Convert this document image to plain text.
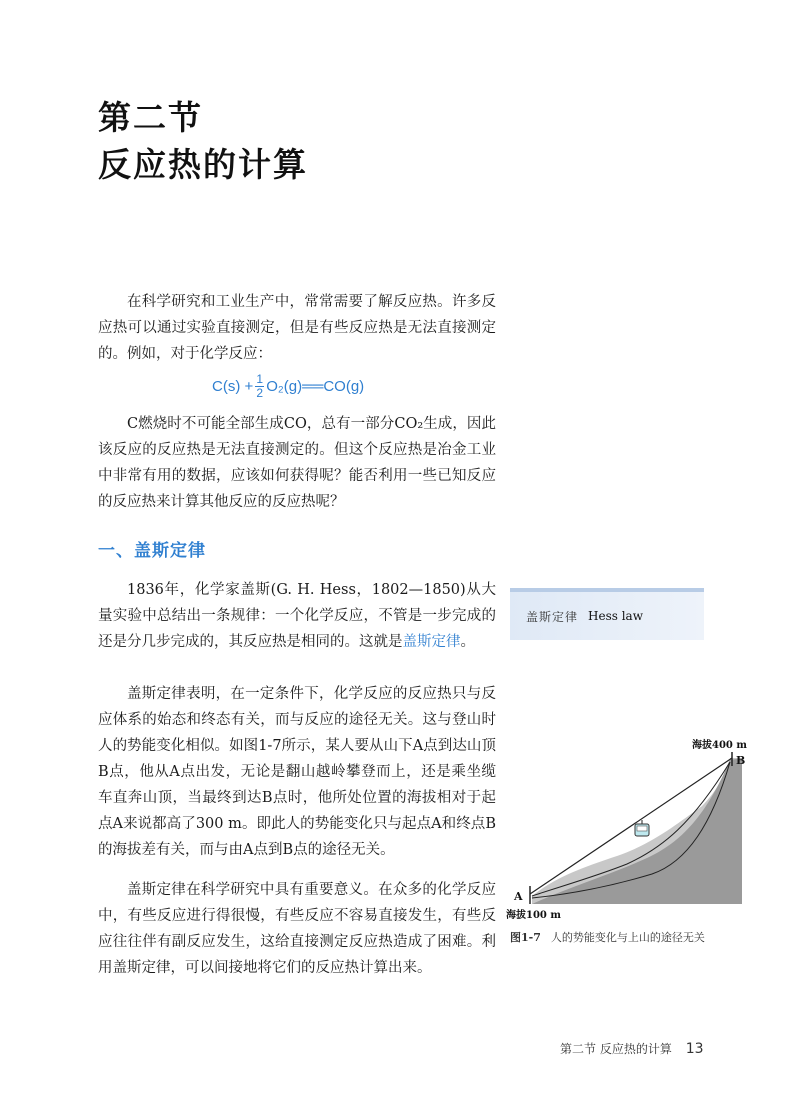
第二节
反应热的计算

在科学研究和工业生产中，常常需要了解反应热。许多反应热可以通过实验直接测定，但是有些反应热是无法直接测定的。例如，对于化学反应：

$C(s) + \frac{1}{2}$ O₂(g)══CO(g)

C燃烧时不可能全部生成CO，总有一部分CO₂生成，因此该反应的反应热是无法直接测定的。但这个反应热是冶金工业中非常有用的数据，应该如何获得呢？能否利用一些已知反应的反应热来计算其他反应的反应热呢？

一、盖斯定律

1836年，化学家盖斯(G. H. Hess，1802—1850)从大量实验中总结出一条规律：一个化学反应，不管是一步完成的还是分几步完成的，其反应热是相同的。这就是盖斯定律。

盖斯定律表明，在一定条件下，化学反应的反应热只与反应体系的始态和终态有关，而与反应的途径无关。这与登山时人的势能变化相似。如图1-7所示，某人要从山下A点到达山顶B点，他从A点出发，无论是翻山越岭攀登而上，还是乘坐缆车直奔山顶，当最终到达B点时，他所处位置的海拔相对于起点A来说都高了300 m。即此人的势能变化只与起点A和终点B的海拔差有关，而与由A点到B点的途径无关。

盖斯定律在科学研究中具有重要意义。在众多的化学反应中，有些反应进行得很慢，有些反应不容易直接发生，有些反应往往伴有副反应发生，这给直接测定反应热造成了困难。利用盖斯定律，可以间接地将它们的反应热计算出来。

盖斯定律 Hess law
海拔400 m
B
A
海拔100 m
图1-7 人的势能变化与上山的途径无关
第二节 反应热的计算 13
